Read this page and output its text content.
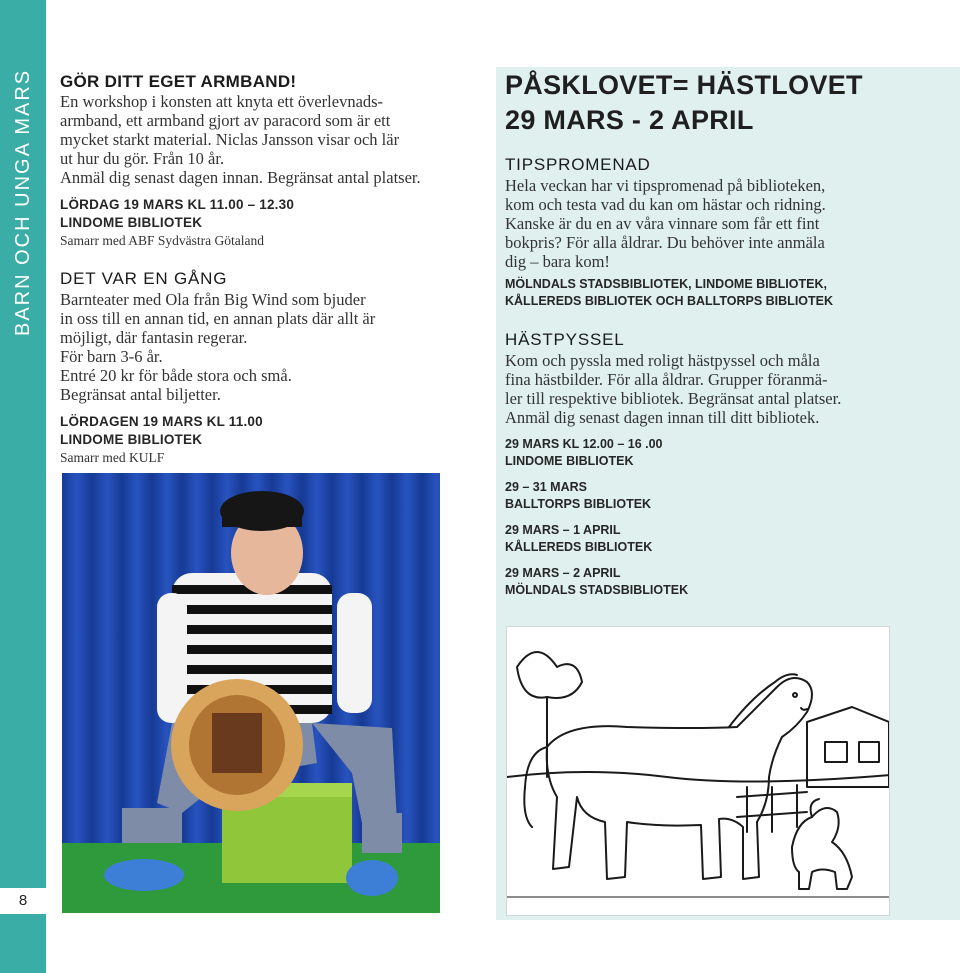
BARN OCH UNGA MARS
8
GÖR DITT EGET ARMBAND!
En workshop i konsten att knyta ett överlevnads-
armband, ett armband gjort av paracord som är ett
mycket starkt material. Niclas Jansson visar och lär
ut hur du gör. Från 10 år.
Anmäl dig senast dagen innan. Begränsat antal platser.
LÖRDAG 19 MARS KL 11.00 – 12.30
LINDOME BIBLIOTEK
Samarr med ABF Sydvästra Götaland
DET VAR EN GÅNG
Barnteater med Ola från Big Wind som bjuder
in oss till en annan tid, en annan plats där allt är
möjligt, där fantasin regerar.
För barn 3-6 år.
Entré 20 kr för både stora och små.
Begränsat antal biljetter.
LÖRDAGEN 19 MARS KL 11.00
LINDOME BIBLIOTEK
Samarr med KULF
PÅSKLOVET= HÄSTLOVET
29 MARS - 2 APRIL
TIPSPROMENAD
Hela veckan har vi tipspromenad på biblioteken,
kom och testa vad du kan om hästar och ridning.
Kanske är du en av våra vinnare som får ett fint
bokpris? För alla åldrar. Du behöver inte anmäla
dig – bara kom!
MÖLNDALS STADSBIBLIOTEK, LINDOME BIBLIOTEK,
KÅLLEREDS BIBLIOTEK OCH BALLTORPS BIBLIOTEK
HÄSTPYSSEL
Kom och pyssla med roligt hästpyssel och måla
fina hästbilder. För alla åldrar. Grupper föranmä-
ler till respektive bibliotek. Begränsat antal platser.
Anmäl dig senast dagen innan till ditt bibliotek.
29 MARS KL 12.00 – 16 .00
LINDOME BIBLIOTEK
29 – 31 MARS
BALLTORPS BIBLIOTEK
29 MARS – 1 APRIL
KÅLLEREDS BIBLIOTEK
29 MARS – 2 APRIL
MÖLNDALS STADSBIBLIOTEK
